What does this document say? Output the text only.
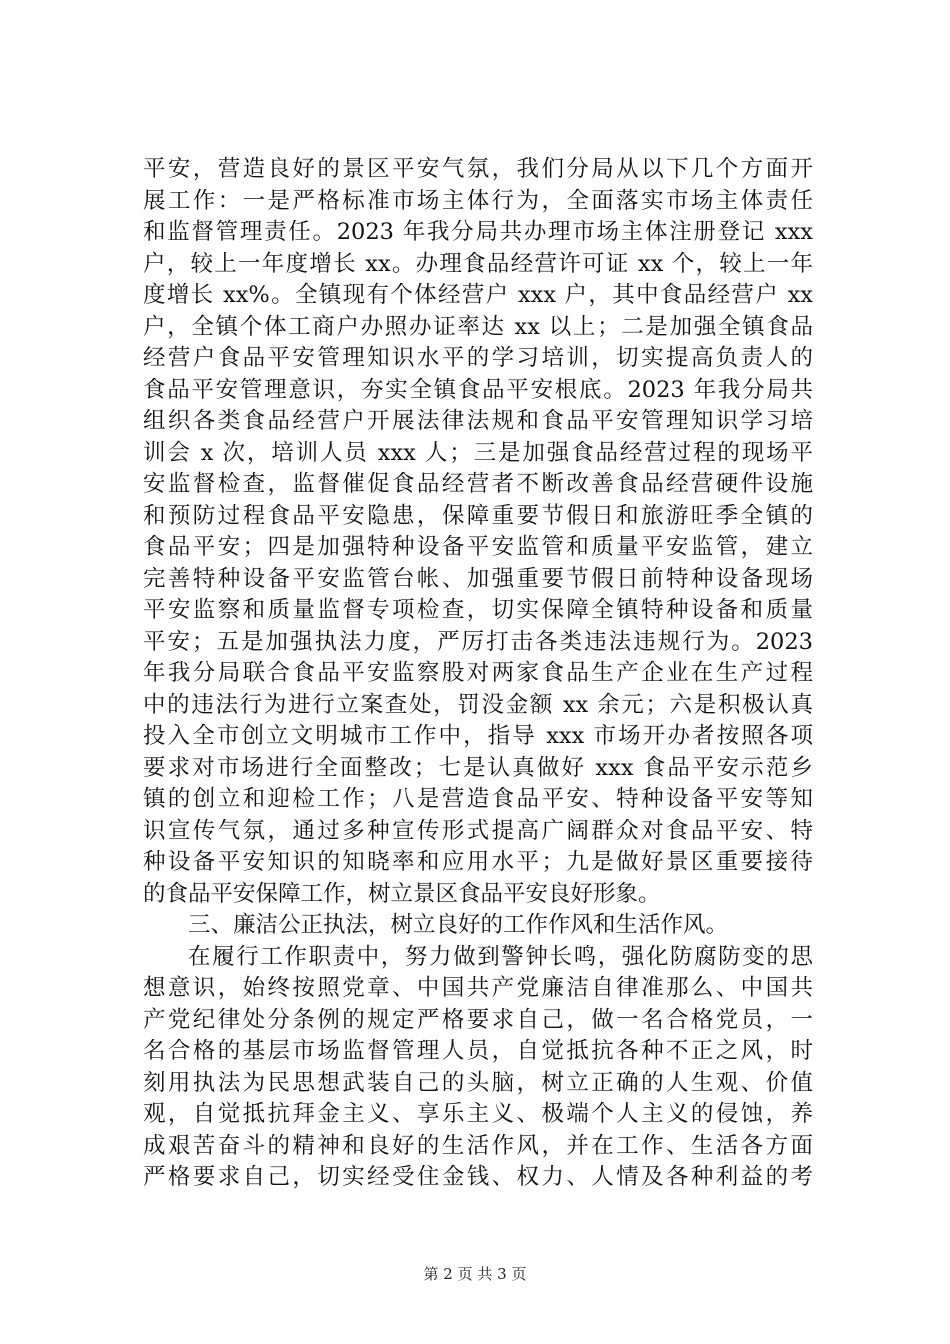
平安，营造良好的景区平安气氛，我们分局从以下几个方面开
展工作：一是严格标准市场主体行为，全面落实市场主体责任
和监督管理责任。2023 年我分局共办理市场主体注册登记 xxx
户，较上一年度增长 xx。办理食品经营许可证 xx 个，较上一年
度增长 xx%。全镇现有个体经营户 xxx 户，其中食品经营户 xx
户，全镇个体工商户办照办证率达 xx 以上；二是加强全镇食品
经营户食品平安管理知识水平的学习培训，切实提高负责人的
食品平安管理意识，夯实全镇食品平安根底。2023 年我分局共
组织各类食品经营户开展法律法规和食品平安管理知识学习培
训会 x 次，培训人员 xxx 人；三是加强食品经营过程的现场平
安监督检查，监督催促食品经营者不断改善食品经营硬件设施
和预防过程食品平安隐患，保障重要节假日和旅游旺季全镇的
食品平安；四是加强特种设备平安监管和质量平安监管，建立
完善特种设备平安监管台帐、加强重要节假日前特种设备现场
平安监察和质量监督专项检查，切实保障全镇特种设备和质量
平安；五是加强执法力度，严厉打击各类违法违规行为。2023
年我分局联合食品平安监察股对两家食品生产企业在生产过程
中的违法行为进行立案查处，罚没金额 xx 余元；六是积极认真
投入全市创立文明城市工作中，指导 xxx 市场开办者按照各项
要求对市场进行全面整改；七是认真做好 xxx 食品平安示范乡
镇的创立和迎检工作；八是营造食品平安、特种设备平安等知
识宣传气氛，通过多种宣传形式提高广阔群众对食品平安、特
种设备平安知识的知晓率和应用水平；九是做好景区重要接待
的食品平安保障工作，树立景区食品平安良好形象。
三、廉洁公正执法，树立良好的工作作风和生活作风。
在履行工作职责中，努力做到警钟长鸣，强化防腐防变的思
想意识，始终按照党章、中国共产党廉洁自律准那么、中国共
产党纪律处分条例的规定严格要求自己，做一名合格党员，一
名合格的基层市场监督管理人员，自觉抵抗各种不正之风，时
刻用执法为民思想武装自己的头脑，树立正确的人生观、价值
观，自觉抵抗拜金主义、享乐主义、极端个人主义的侵蚀，养
成艰苦奋斗的精神和良好的生活作风，并在工作、生活各方面
严格要求自己，切实经受住金钱、权力、人情及各种利益的考
第 2 页 共 3 页
